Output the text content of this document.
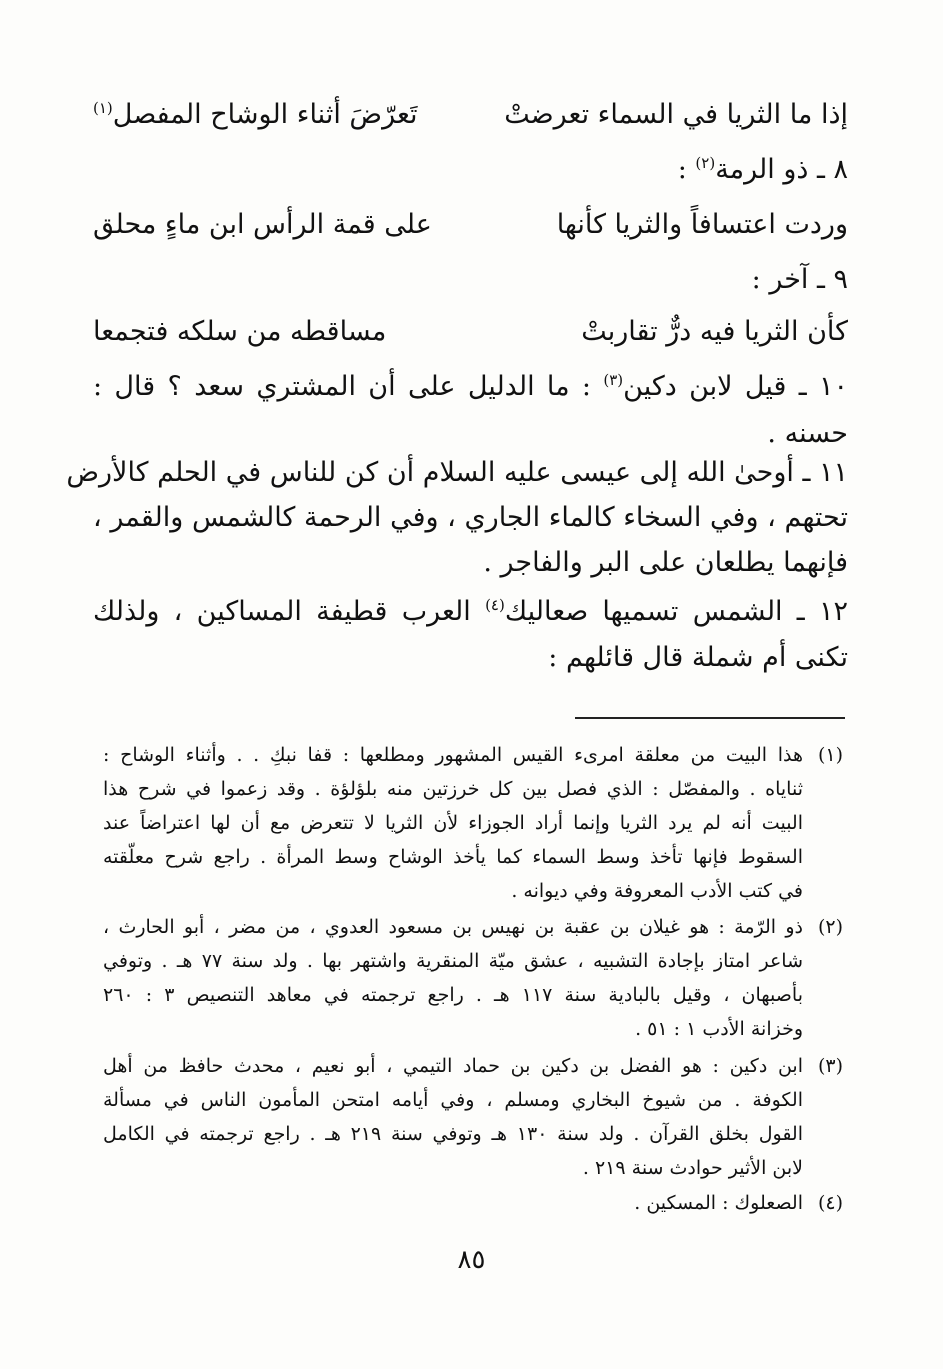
إذا ما الثريا في السماء تعرضتْ
تَعرّضَ أثناء الوشاح المفصل$^{(١)}$
٨ ـ ذو الرمة$^{(٢)}$ :
وردت اعتسافاً والثريا كأنها
على قمة الرأس ابن ماءٍ محلق
٩ ـ آخر :
كأن الثريا فيه درٌّ تقاربتْ
مساقطه من سلكه فتجمعا
١٠ ـ قيل لابن دكين$^{(٣)}$ : ما الدليل على أن المشتري سعد ؟ قال :
حسنه .
١١ ـ أوحىٰ الله إلى عيسى عليه السلام أن كن للناس في الحلم كالأرض
تحتهم ، وفي السخاء كالماء الجاري ، وفي الرحمة كالشمس والقمر ،
فإنهما يطلعان على البر والفاجر .
١٢ ـ الشمس تسميها صعاليك$^{(٤)}$ العرب قطيفة المساكين ، ولذلك
تكنى أم شملة قال قائلهم :
(١)
هذا البيت من معلقة امرىء القيس المشهور ومطلعها : قفا نبكِ . . وأثناء الوشاح :
ثناياه . والمفصّل : الذي فصل بين كل خرزتين منه بلؤلؤة . وقد زعموا في شرح هذا
البيت أنه لم يرد الثريا وإنما أراد الجوزاء لأن الثريا لا تتعرض مع أن لها اعتراضاً عند
السقوط فإنها تأخذ وسط السماء كما يأخذ الوشاح وسط المرأة . راجع شرح معلّقته
في كتب الأدب المعروفة وفي ديوانه .
(٢)
ذو الرّمة : هو غيلان بن عقبة بن نهيس بن مسعود العدوي ، من مضر ، أبو الحارث ،
شاعر امتاز بإجادة التشبيه ، عشق ميّة المنقرية واشتهر بها . ولد سنة ٧٧ هـ . وتوفي
بأصبهان ، وقيل بالبادية سنة ١١٧ هـ . راجع ترجمته في معاهد التنصيص ٣ : ٢٦٠
وخزانة الأدب ١ : ٥١ .
(٣)
ابن دكين : هو الفضل بن دكين بن حماد التيمي ، أبو نعيم ، محدث حافظ من أهل
الكوفة . من شيوخ البخاري ومسلم ، وفي أيامه امتحن المأمون الناس في مسألة
القول بخلق القرآن . ولد سنة ١٣٠ هـ وتوفي سنة ٢١٩ هـ . راجع ترجمته في الكامل
لابن الأثير حوادث سنة ٢١٩ .
(٤)
الصعلوك : المسكين .
٨٥
